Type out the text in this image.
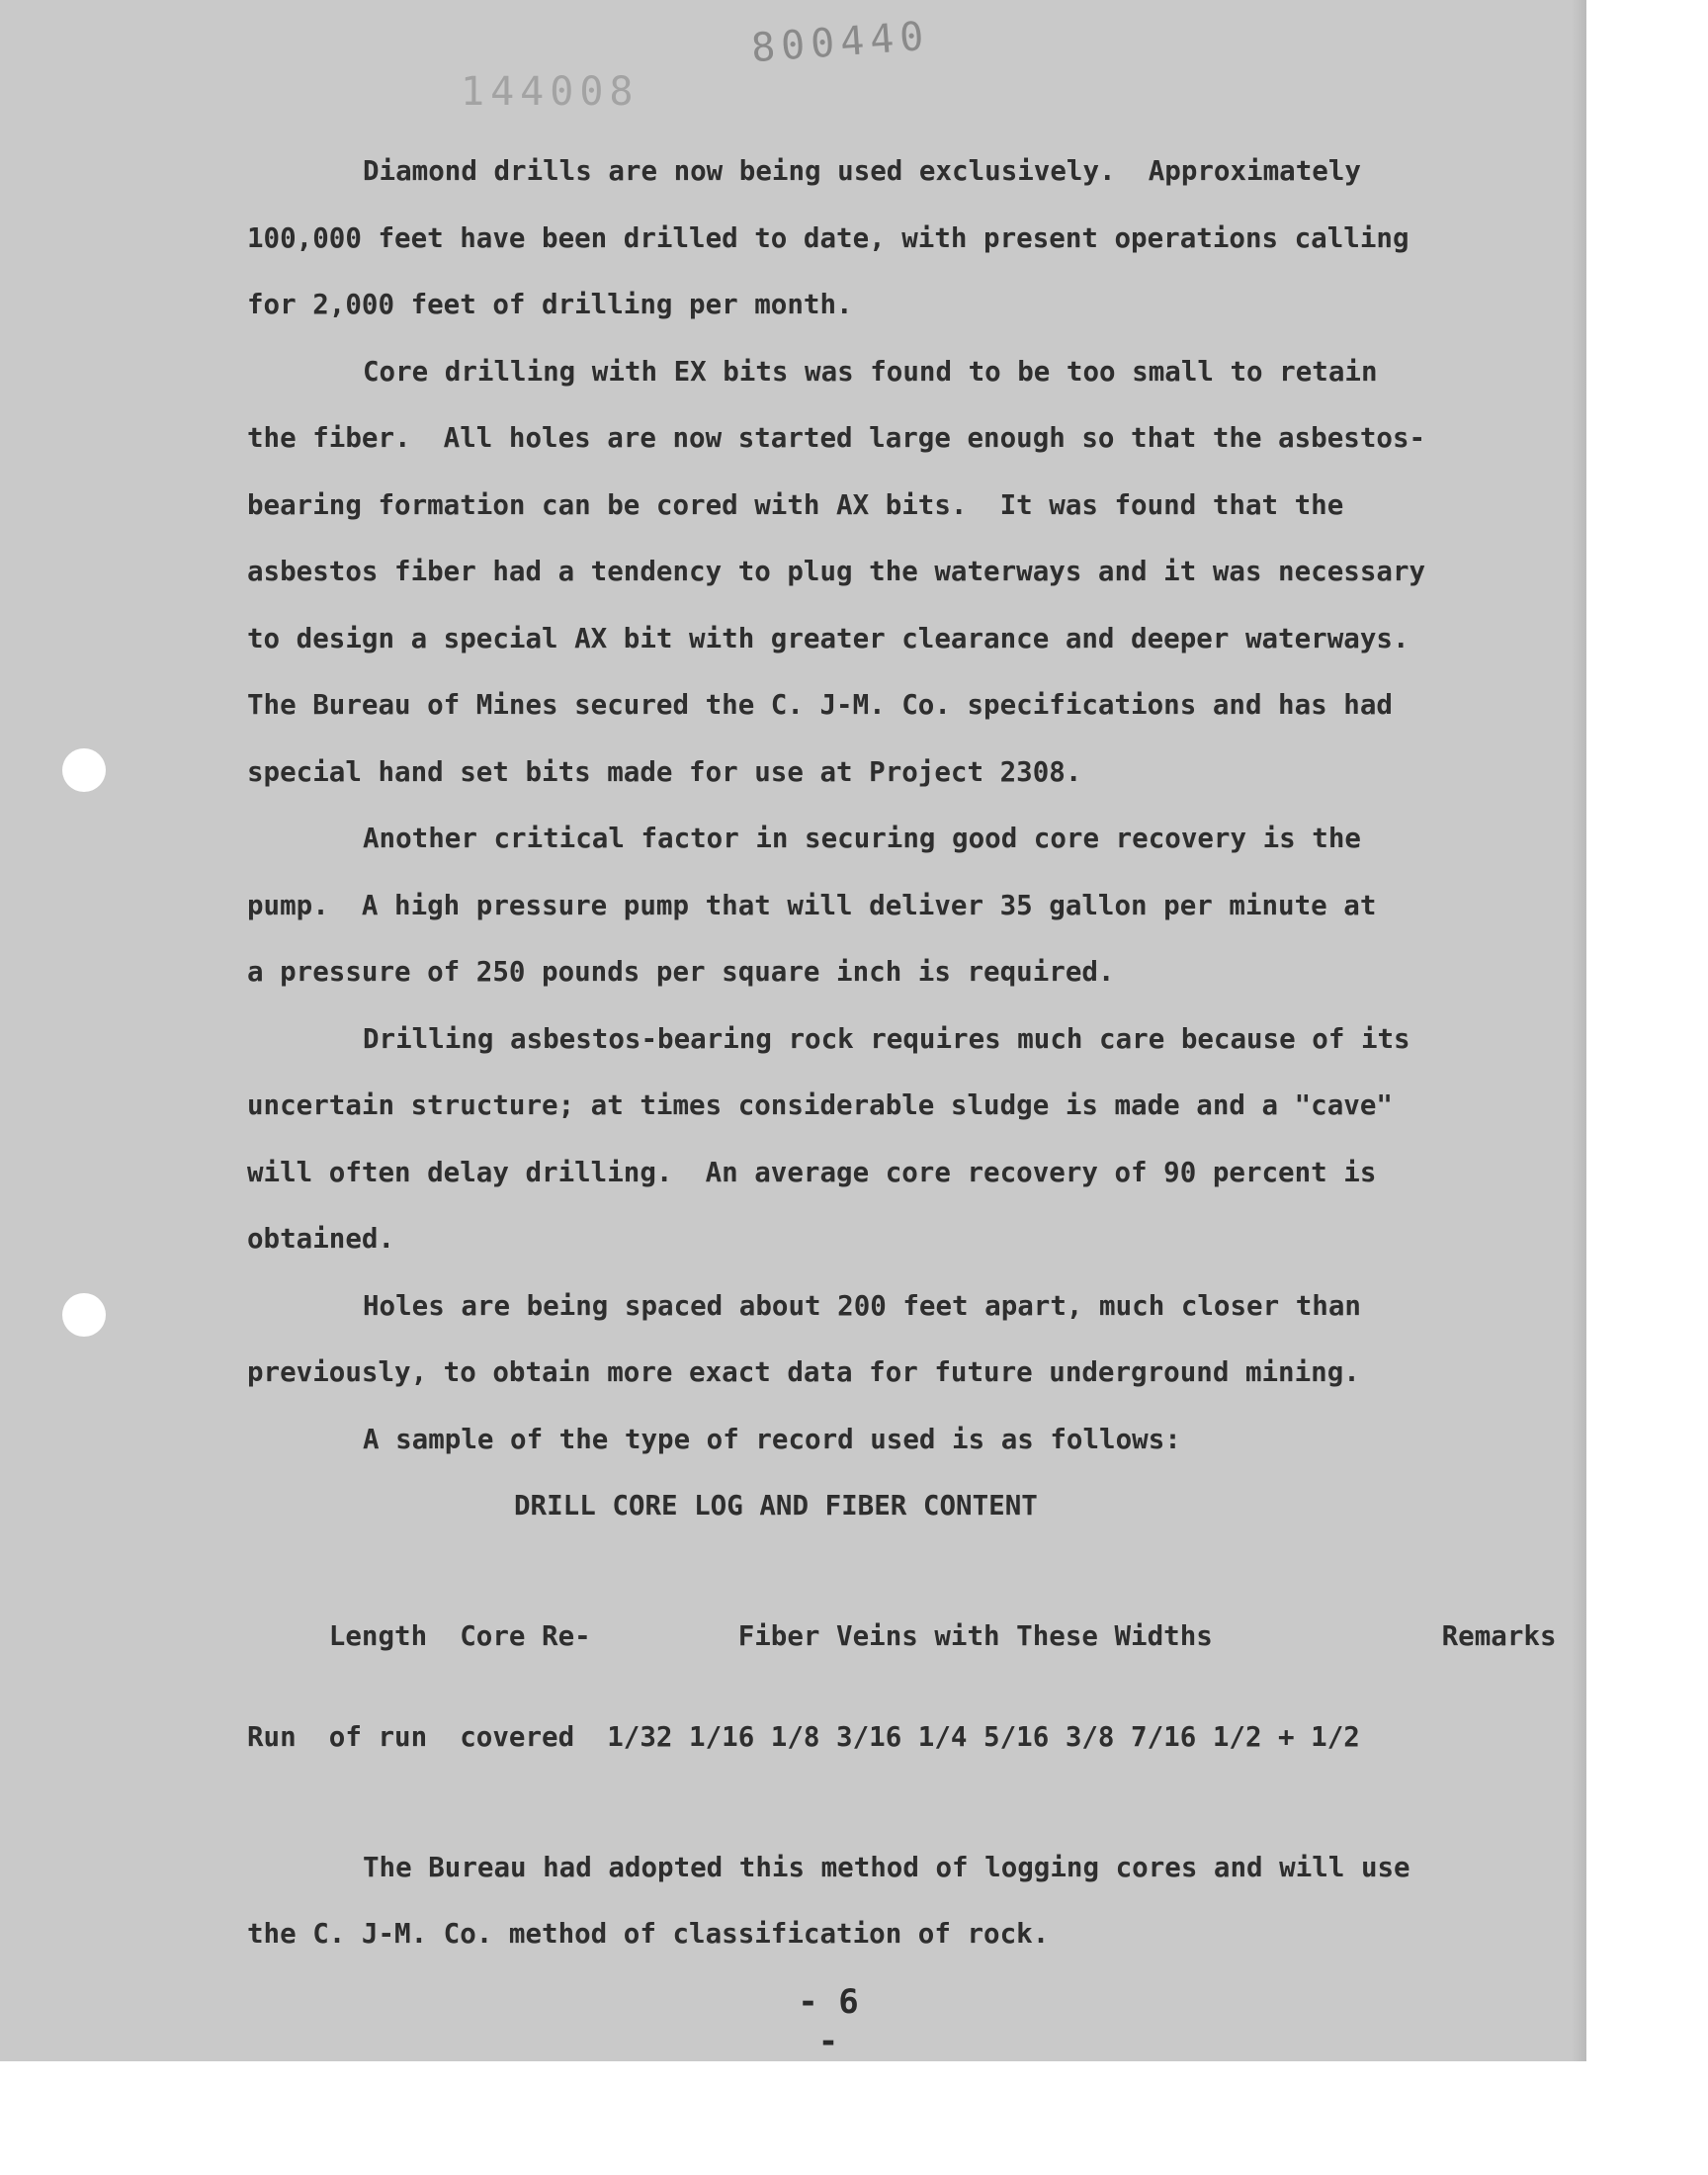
144008
800440

Diamond drills are now being used exclusively.  Approximately
100,000 feet have been drilled to date, with present operations calling
for 2,000 feet of drilling per month.

Core drilling with EX bits was found to be too small to retain
the fiber.  All holes are now started large enough so that the asbestos-
bearing formation can be cored with AX bits.  It was found that the
asbestos fiber had a tendency to plug the waterways and it was necessary
to design a special AX bit with greater clearance and deeper waterways.
The Bureau of Mines secured the C. J-M. Co. specifications and has had
special hand set bits made for use at Project 2308.

Another critical factor in securing good core recovery is the
pump.  A high pressure pump that will deliver 35 gallon per minute at
a pressure of 250 pounds per square inch is required.

Drilling asbestos-bearing rock requires much care because of its
uncertain structure; at times considerable sludge is made and a "cave"
will often delay drilling.  An average core recovery of 90 percent is
obtained.

Holes are being spaced about 200 feet apart, much closer than
previously, to obtain more exact data for future underground mining.

A sample of the type of record used is as follows:

DRILL CORE LOG AND FIBER CONTENT

Length  Core Re-         Fiber Veins with These Widths              Remarks

Run  of run  covered  1/32 1/16 1/8 3/16 1/4 5/16 3/8 7/16 1/2 + 1/2

The Bureau had adopted this method of logging cores and will use
the C. J-M. Co. method of classification of rock.

- 6 -
